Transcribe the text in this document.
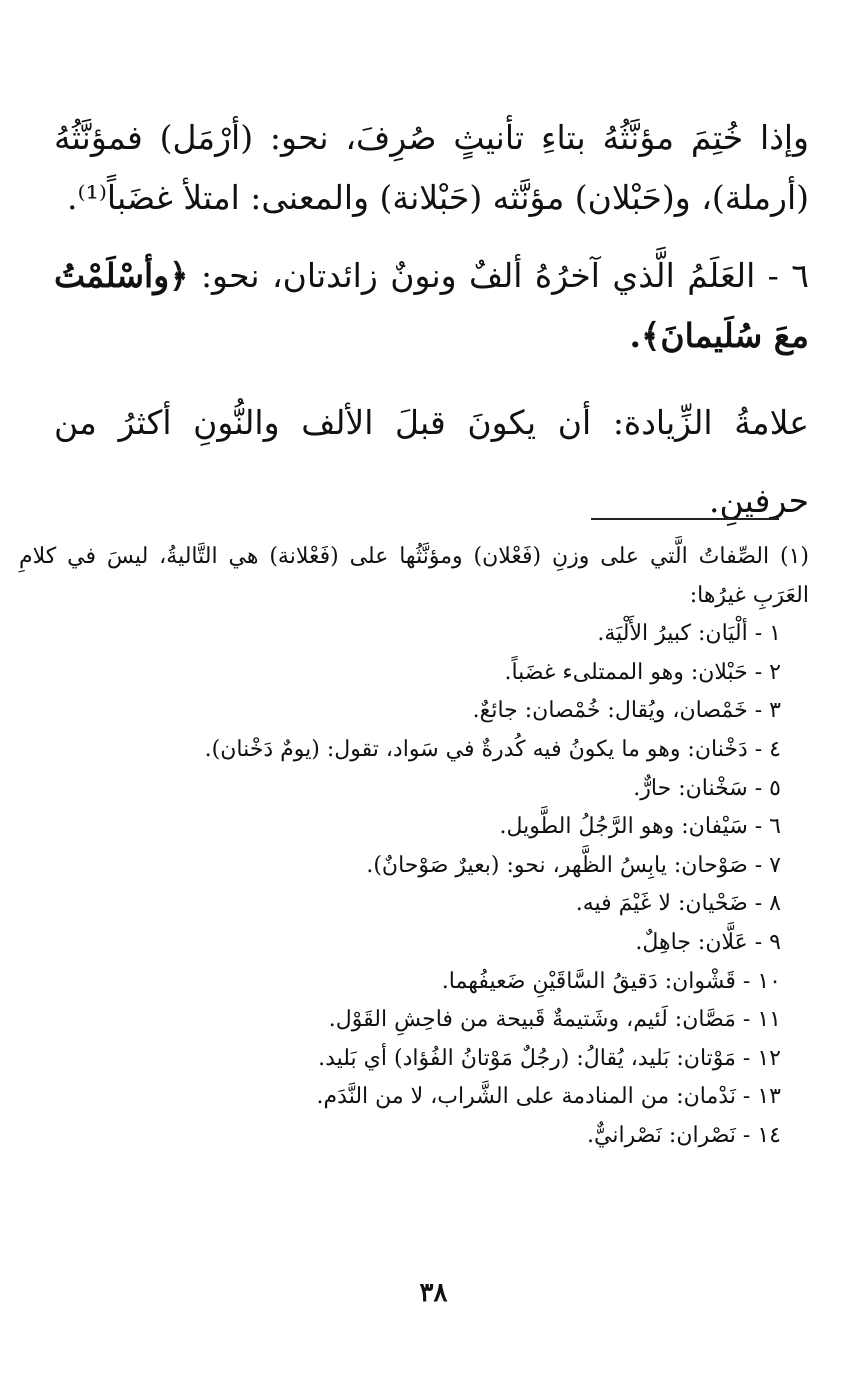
وإذا خُتِمَ مؤنَّثُهُ بتاءِ تأنيثٍ صُرِفَ، نحو: (أرْمَل) فمؤنَّثُهُ (أرملة)، و(حَبْلان) مؤنَّثه (حَبْلانة) والمعنى: امتلأ غضَباً⁽¹⁾.

٦ - العَلَمُ الَّذي آخرُهُ ألفٌ ونونٌ زائدتان، نحو: ﴿وأسْلَمْتُ معَ سُلَيمانَ﴾.

علامةُ الزِّيادة: أن يكونَ قبلَ الألف والنُّونِ أكثرُ من حرفينِ.

(١) الصِّفاتُ الَّتي على وزنِ (فَعْلان) ومؤنَّثُها على (فَعْلانة) هي التَّاليةُ، ليسَ في كلامِ العَرَبِ غيرُها:

١ - ألْيَان: كبيرُ الأَلْيَة.

٢ - حَبْلان: وهو الممتلىء غضَباً.

٣ - خَمْصان، ويُقال: خُمْصان: جائعٌ.

٤ - دَخْنان: وهو ما يكونُ فيه كُدرةٌ في سَواد، تقول: (يومٌ دَخْنان).

٥ - سَخْنان: حارٌّ.

٦ - سَيْفان: وهو الرَّجُلُ الطَّويل.

٧ - صَوْحان: يابِسُ الظَّهر، نحو: (بعيرٌ صَوْحانٌ).

٨ - ضَحْيان: لا غَيْمَ فيه.

٩ - عَلَّان: جاهِلٌ.

١٠ - قَشْوان: دَقيقُ السَّاقَيْنِ ضَعيفُهما.

١١ - مَصَّان: لَئيم، وشَتيمةٌ قَبيحة من فاحِشِ القَوْل.

١٢ - مَوْتان: بَليد، يُقالُ: (رجُلٌ مَوْتانُ الفُؤاد) أي بَليد.

١٣ - نَدْمان: من المنادمة على الشَّراب، لا من النَّدَم.

١٤ - نَصْران: نَصْرانيٌّ.

٣٨
